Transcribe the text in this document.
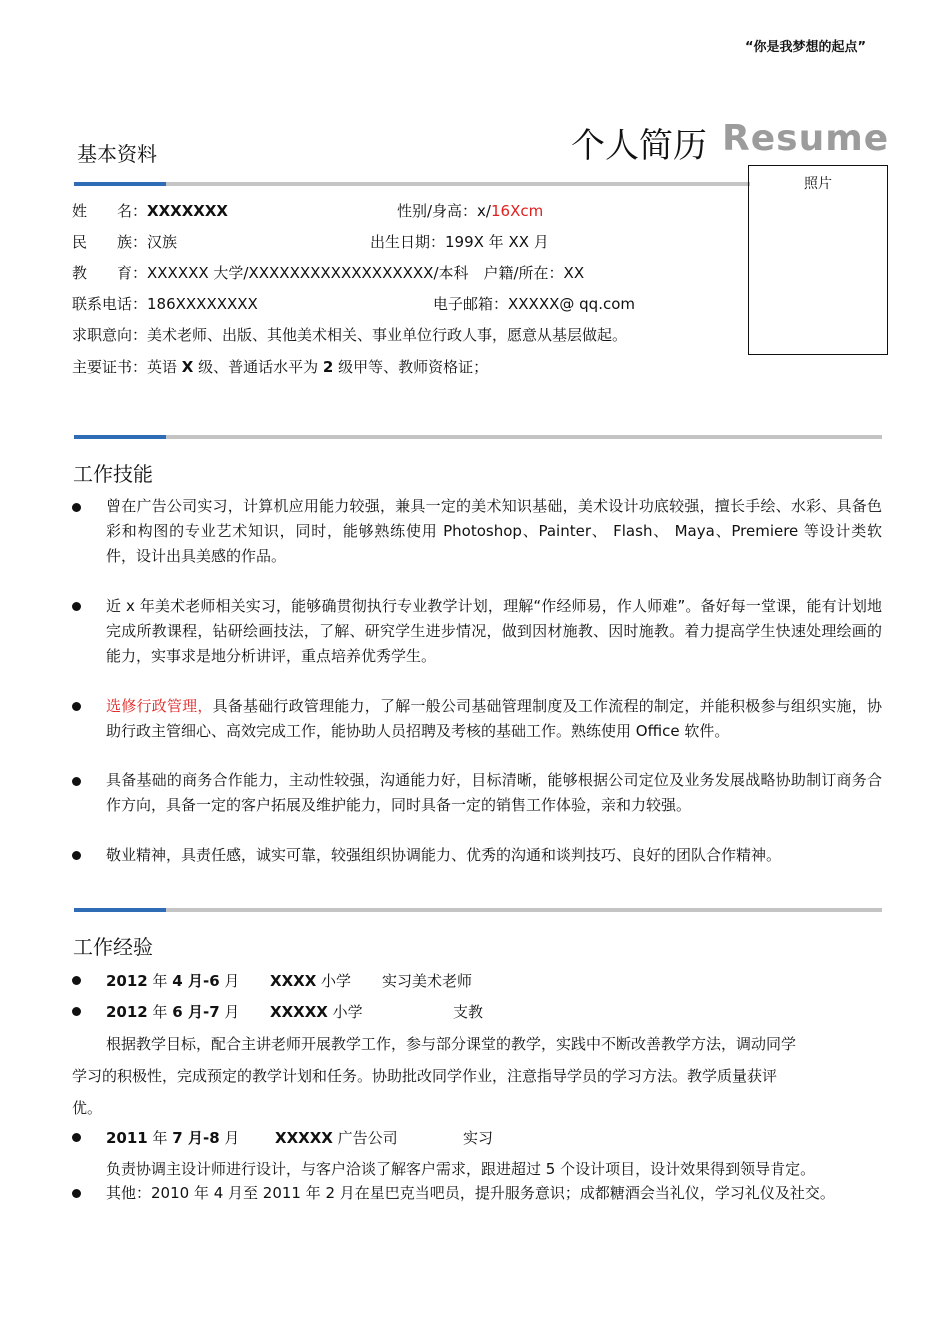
“你是我梦想的起点”
个人简历 Resume
基本资料
照片
姓　　名：XXXXXXX	性别/身高：x/16Xcm
民　　族：汉族	出生日期：199X 年 XX 月
教　　育：XXXXXX 大学/XXXXXXXXXXXXXXXXXX/本科　户籍/所在：XX
联系电话：186XXXXXXXX	电子邮箱：XXXXX@ qq.com
求职意向：美术老师、出版、其他美术相关、事业单位行政人事，愿意从基层做起。
主要证书：英语 X 级、普通话水平为 2 级甲等、教师资格证；
工作技能
曾在广告公司实习，计算机应用能力较强，兼具一定的美术知识基础，美术设计功底较强，擅长手绘、水彩、具备色彩和构图的专业艺术知识，同时，能够熟练使用 Photoshop、Painter、 Flash、 Maya、Premiere 等设计类软件，设计出具美感的作品。
近 x 年美术老师相关实习，能够确贯彻执行专业教学计划，理解“作经师易，作人师难”。备好每一堂课，能有计划地完成所教课程，钻研绘画技法，了解、研究学生进步情况，做到因材施教、因时施教。着力提高学生快速处理绘画的能力，实事求是地分析讲评，重点培养优秀学生。
选修行政管理，具备基础行政管理能力，了解一般公司基础管理制度及工作流程的制定，并能积极参与组织实施，协助行政主管细心、高效完成工作，能协助人员招聘及考核的基础工作。熟练使用 Office 软件。
具备基础的商务合作能力，主动性较强，沟通能力好，目标清晰，能够根据公司定位及业务发展战略协助制订商务合作方向，具备一定的客户拓展及维护能力，同时具备一定的销售工作体验，亲和力较强。
敬业精神，具责任感，诚实可靠，较强组织协调能力、优秀的沟通和谈判技巧、良好的团队合作精神。
工作经验
2012 年 4 月-6 月 XXXX 小学 实习美术老师
2012 年 6 月-7 月 XXXXX 小学	支教
根据教学目标，配合主讲老师开展教学工作，参与部分课堂的教学，实践中不断改善教学方法，调动同学
学习的积极性，完成预定的教学计划和任务。协助批改同学作业，注意指导学员的学习方法。教学质量获评
优。
2011 年 7 月-8 月 XXXXX 广告公司	实习
负责协调主设计师进行设计，与客户洽谈了解客户需求，跟进超过 5 个设计项目，设计效果得到领导肯定。
其他：2010 年 4 月至 2011 年 2 月在星巴克当吧员，提升服务意识；成都糖酒会当礼仪，学习礼仪及社交。
